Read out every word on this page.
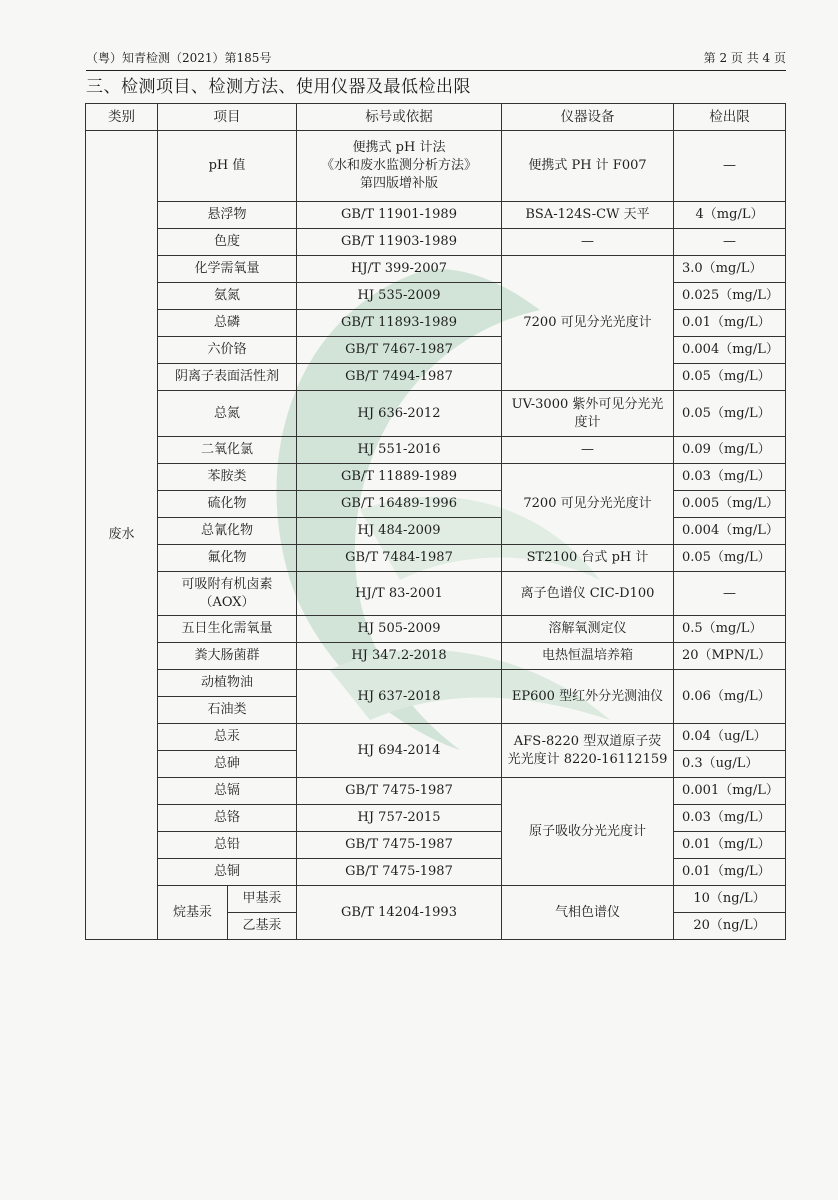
（粤）知青检测（2021）第185号	第 2 页 共 4 页
三、检测项目、检测方法、使用仪器及最低检出限
类别	项目		标号或依据	仪器设备	检出限
废水	pH 值		便携式 pH 计法
《水和废水监测分析方法》
第四版增补版	便携式 PH 计 F007	—
	悬浮物		GB/T 11901-1989	BSA-124S-CW 天平	4（mg/L）
	色度		GB/T 11903-1989	—	—
	化学需氧量		HJ/T 399-2007	7200 可见分光光度计	3.0（mg/L）
	氨氮		HJ 535-2009		0.025（mg/L）
	总磷		GB/T 11893-1989		0.01（mg/L）
	六价铬		GB/T 7467-1987		0.004（mg/L）
	阴离子表面活性剂		GB/T 7494-1987		0.05（mg/L）
	总氮		HJ 636-2012	UV-3000 紫外可见分光光
度计	0.05（mg/L）
	二氧化氯		HJ 551-2016	—	0.09（mg/L）
	苯胺类		GB/T 11889-1989	7200 可见分光光度计	0.03（mg/L）
	硫化物		GB/T 16489-1996		0.005（mg/L）
	总氰化物		HJ 484-2009		0.004（mg/L）
	氟化物		GB/T 7484-1987	ST2100 台式 pH 计	0.05（mg/L）
	可吸附有机卤素
（AOX）		HJ/T 83-2001	离子色谱仪 CIC-D100	—
	五日生化需氧量		HJ 505-2009	溶解氧测定仪	0.5（mg/L）
	粪大肠菌群		HJ 347.2-2018	电热恒温培养箱	20（MPN/L）
	动植物油		HJ 637-2018	EP600 型红外分光测油仪	0.06（mg/L）
	石油类				
	总汞		HJ 694-2014	AFS-8220 型双道原子荧
光光度计 8220-16112159	0.04（ug/L）
	总砷				0.3（ug/L）
	总镉		GB/T 7475-1987	原子吸收分光光度计	0.001（mg/L）
	总铬		HJ 757-2015		0.03（mg/L）
	总铅		GB/T 7475-1987		0.01（mg/L）
	总铜		GB/T 7475-1987		0.01（mg/L）
	烷基汞	甲基汞	GB/T 14204-1993	气相色谱仪	10（ng/L）
		乙基汞			20（ng/L）
